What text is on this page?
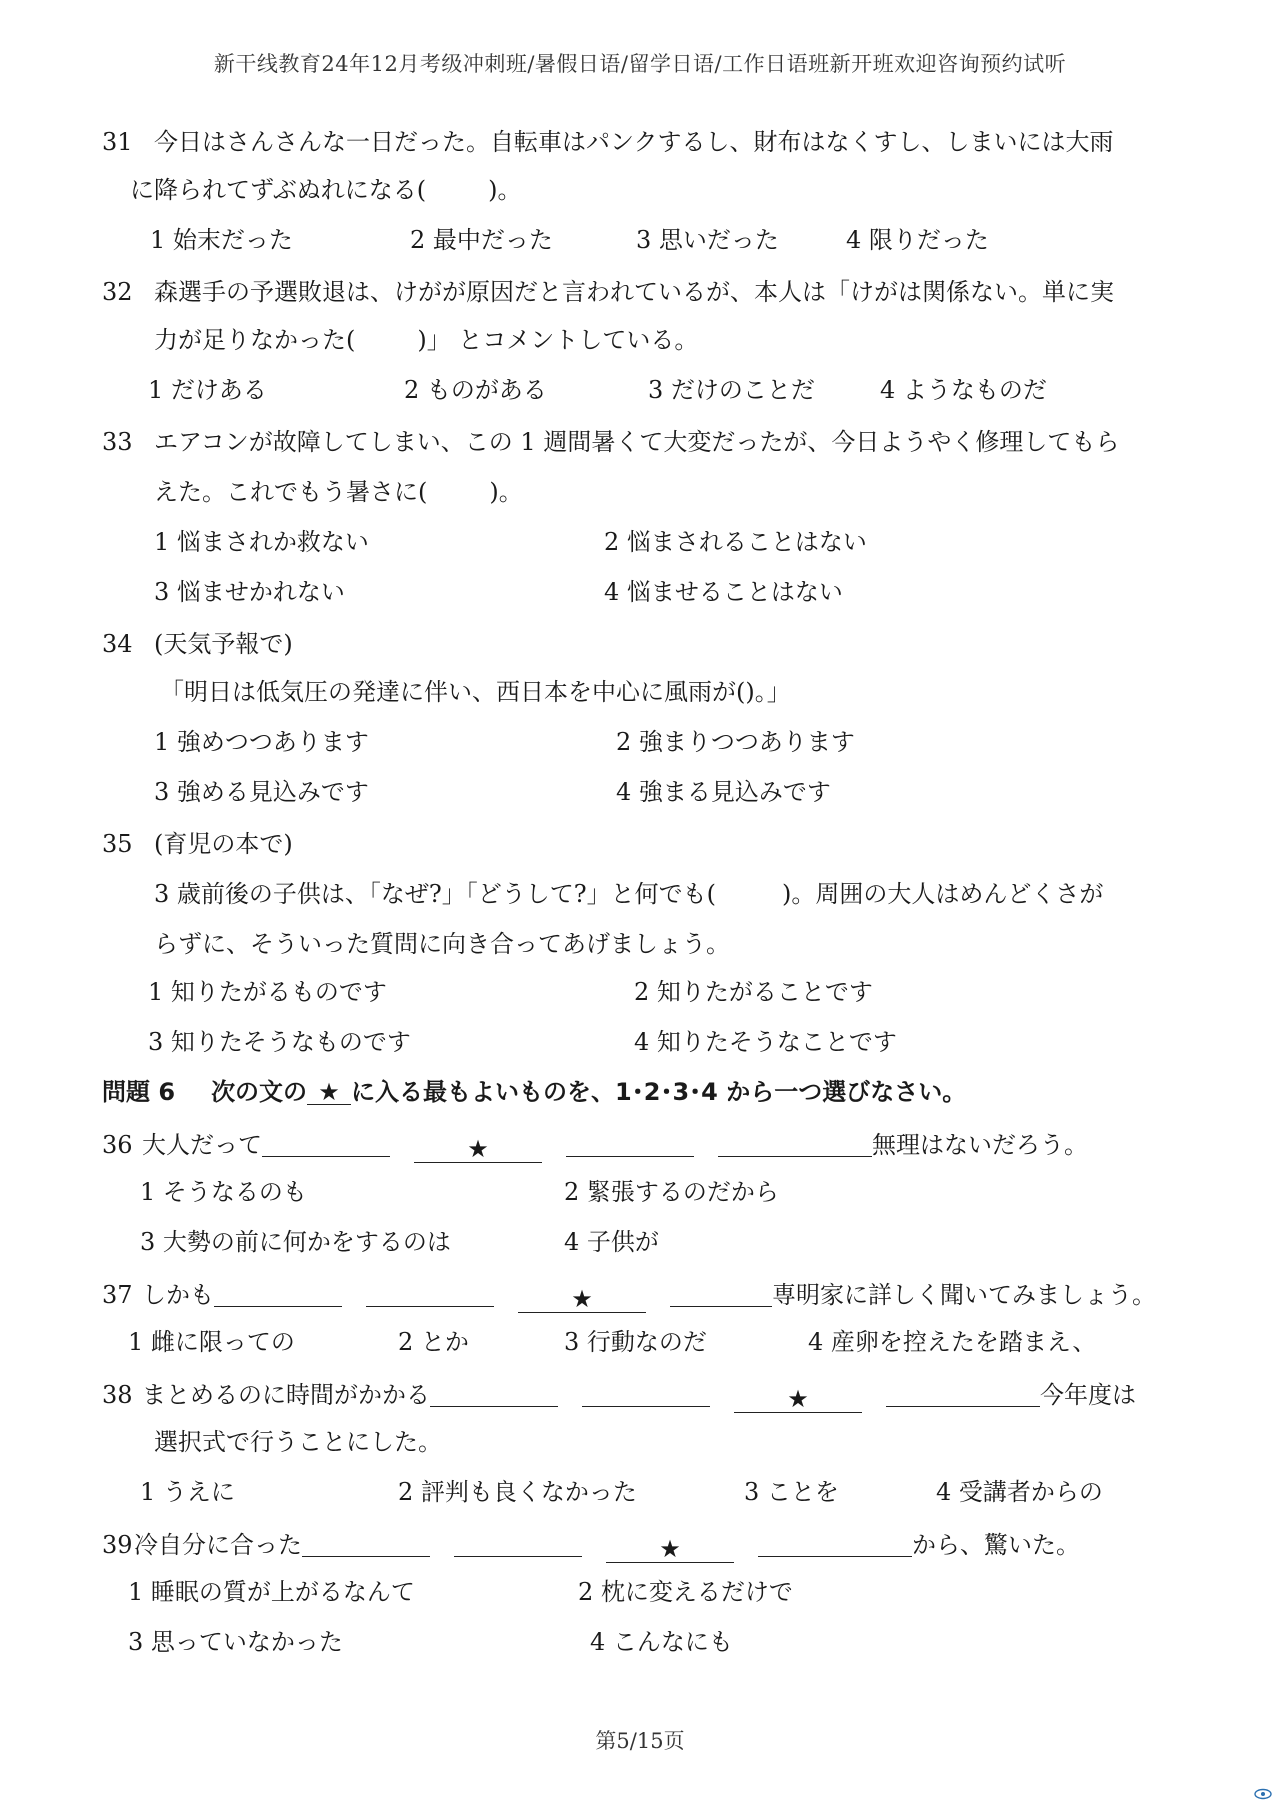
新干线教育24年12月考级冲刺班/暑假日语/留学日语/工作日语班新开班欢迎咨询预约试听
31 今日はさんさんな一日だった。自転車はパンクするし、財布はなくすし、しまいには大雨
に降られてずぶぬれになる(	)。
1 始末だった	2 最中だった	3 思いだった	4 限りだった
32 森選手の予選敗退は、けがが原因だと言われているが、本人は「けがは関係ない。単に実
力が足りなかった(	)」 とコメントしている。
1 だけある	2 ものがある	3 だけのことだ	4 ようなものだ
33 エアコンが故障してしまい、この 1 週間暑くて大変だったが、今日ようやく修理してもら
えた。これでもう暑さに(	)。
1 悩まされか救ない	2 悩まされることはない
3 悩ませかれない	4 悩ませることはない
34 (天気予報で)
「明日は低気圧の発達に伴い、西日本を中心に風雨が()。」
1 強めつつあります	2 強まりつつあります
3 強める見込みです	4 強まる見込みです
35 (育児の本で)
3 歳前後の子供は、「なぜ?」「どうして?」と何でも(	)。周囲の大人はめんどくさが
らずに、そういった質問に向き合ってあげましょう。
1 知りたがるものです	2 知りたがることです
3 知りたそうなものです	4 知りたそうなことです
問題 6 次の文の ★ に入る最もよいものを、1･2･3･4 から一つ選びなさい。
36 大人だって	★	無理はないだろう。
1 そうなるのも	2 緊張するのだから
3 大勢の前に何かをするのは	4 子供が
37 しかも	★	専明家に詳しく聞いてみましょう。
1 雌に限っての	2 とか	3 行動なのだ	4 産卵を控えたを踏まえ、
38 まとめるのに時間がかかる	★	今年度は
選択式で行うことにした。
1 うえに	2 評判も良くなかった	3 ことを	4 受講者からの
39冷自分に合った	★	から、驚いた。
1 睡眠の質が上がるなんて	2 枕に変えるだけで
3 思っていなかった	4 こんなにも
第5/15页
